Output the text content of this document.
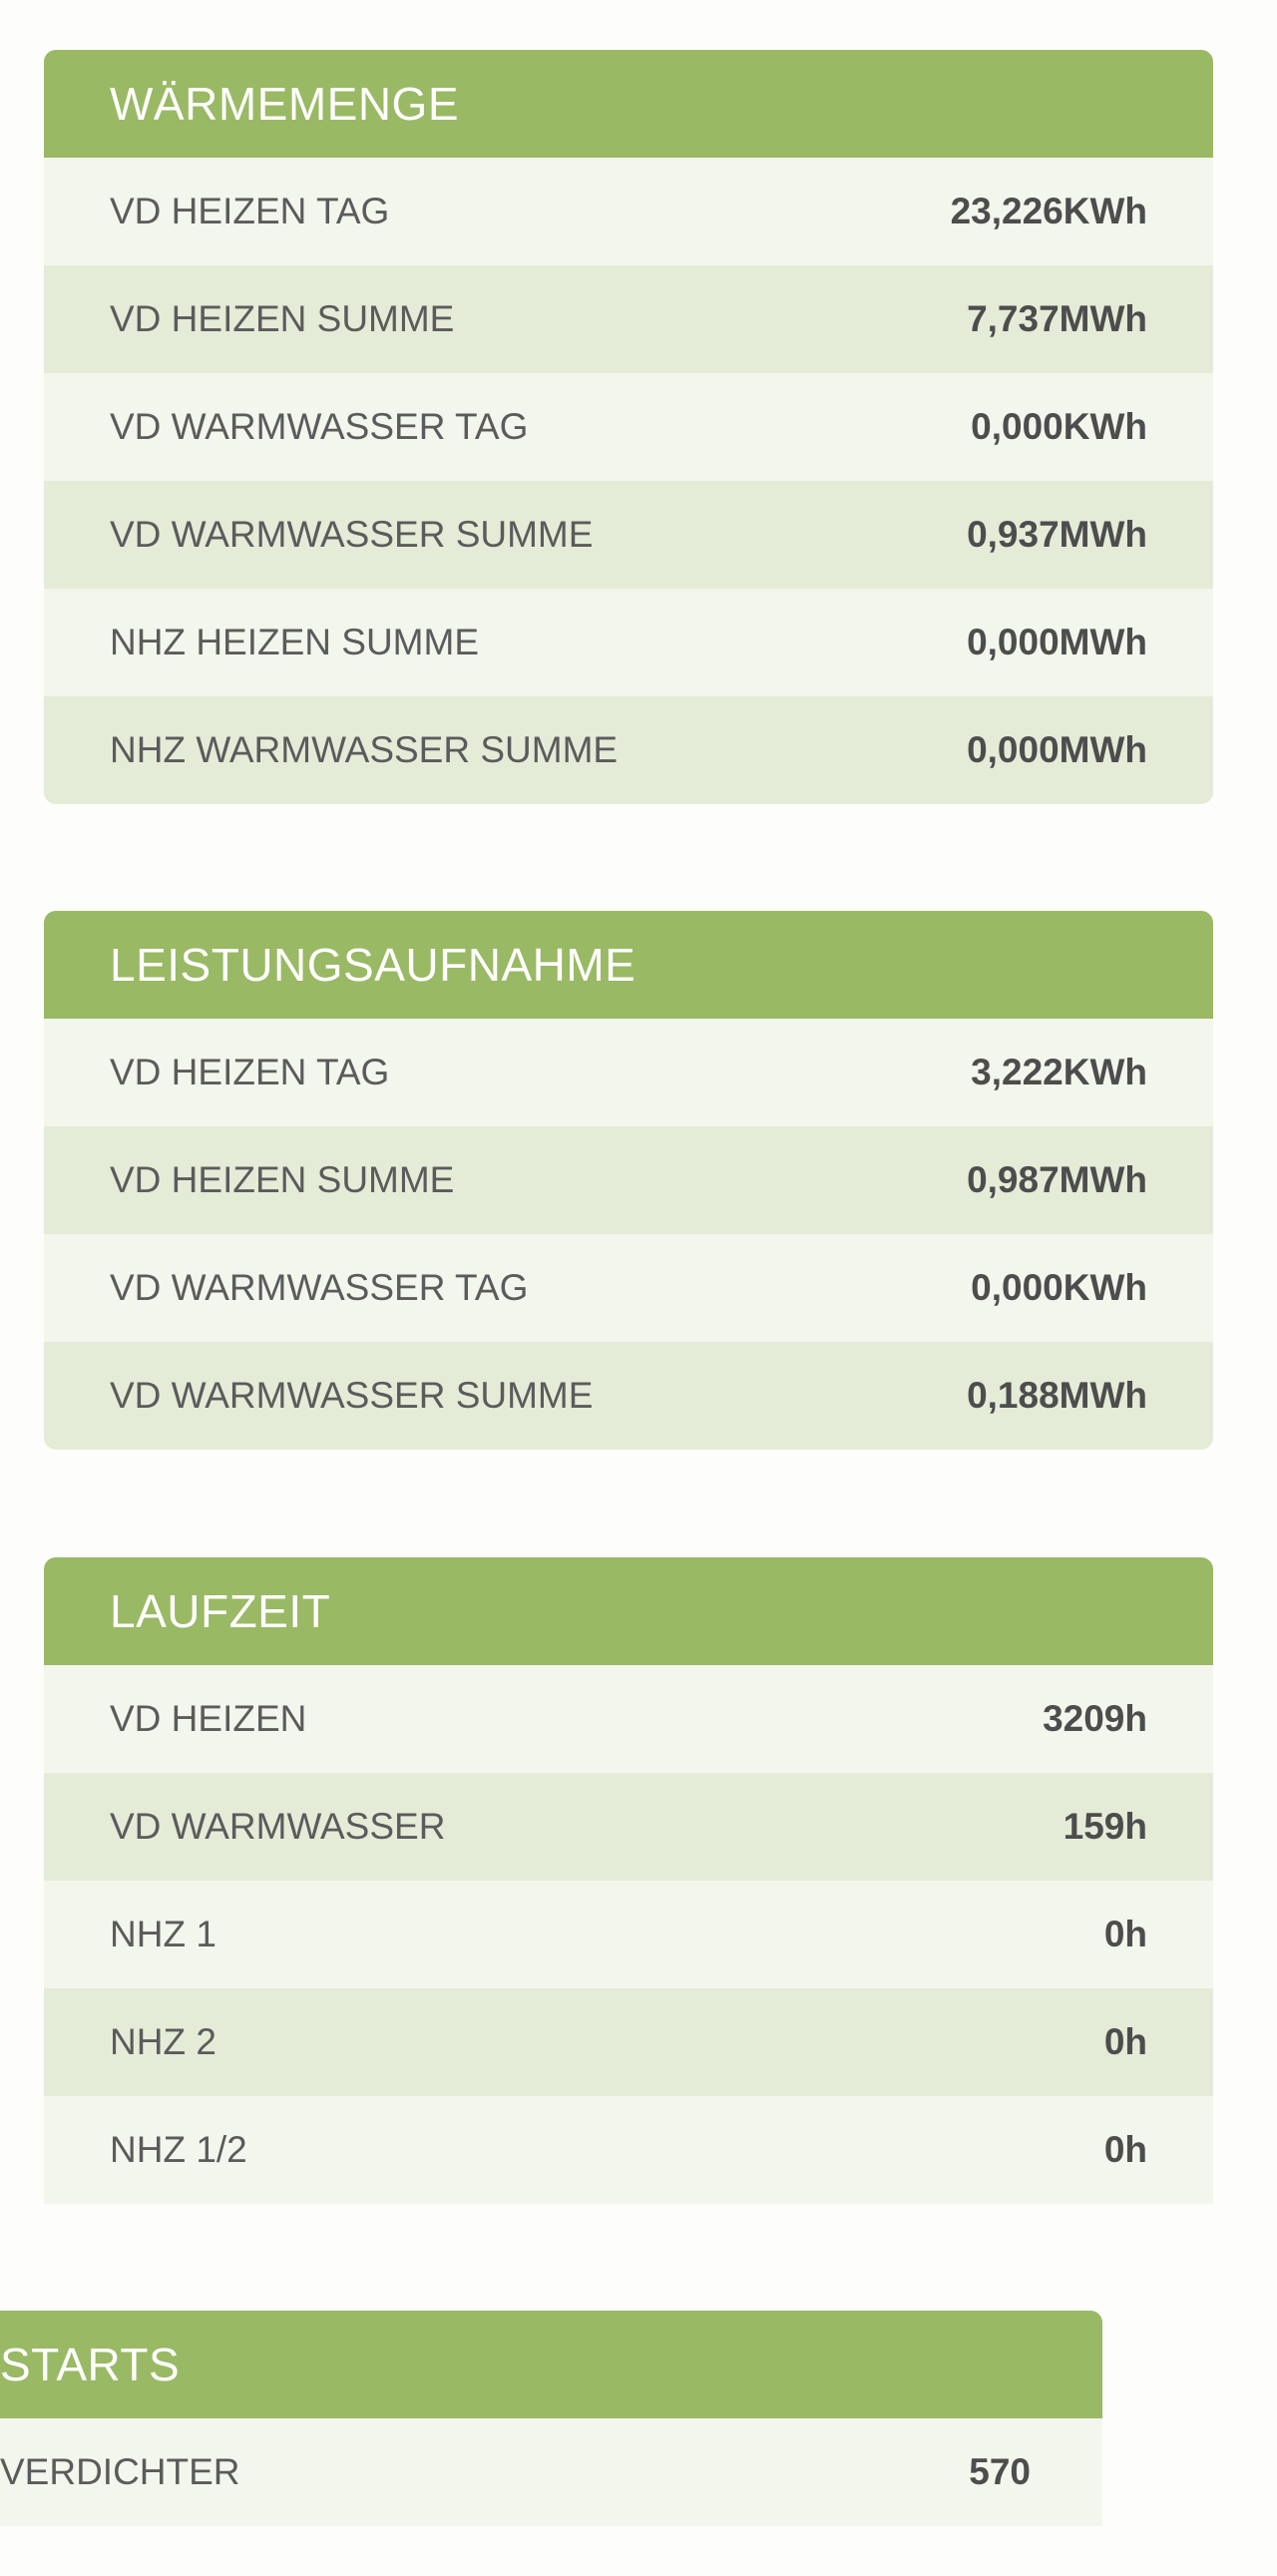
WÄRMEMENGE
VD HEIZEN TAG	23,226KWh
VD HEIZEN SUMME	7,737MWh
VD WARMWASSER TAG	0,000KWh
VD WARMWASSER SUMME	0,937MWh
NHZ HEIZEN SUMME	0,000MWh
NHZ WARMWASSER SUMME	0,000MWh
LEISTUNGSAUFNAHME
VD HEIZEN TAG	3,222KWh
VD HEIZEN SUMME	0,987MWh
VD WARMWASSER TAG	0,000KWh
VD WARMWASSER SUMME	0,188MWh
LAUFZEIT
VD HEIZEN	3209h
VD WARMWASSER	159h
NHZ 1	0h
NHZ 2	0h
NHZ 1/2	0h
STARTS
VERDICHTER	570
